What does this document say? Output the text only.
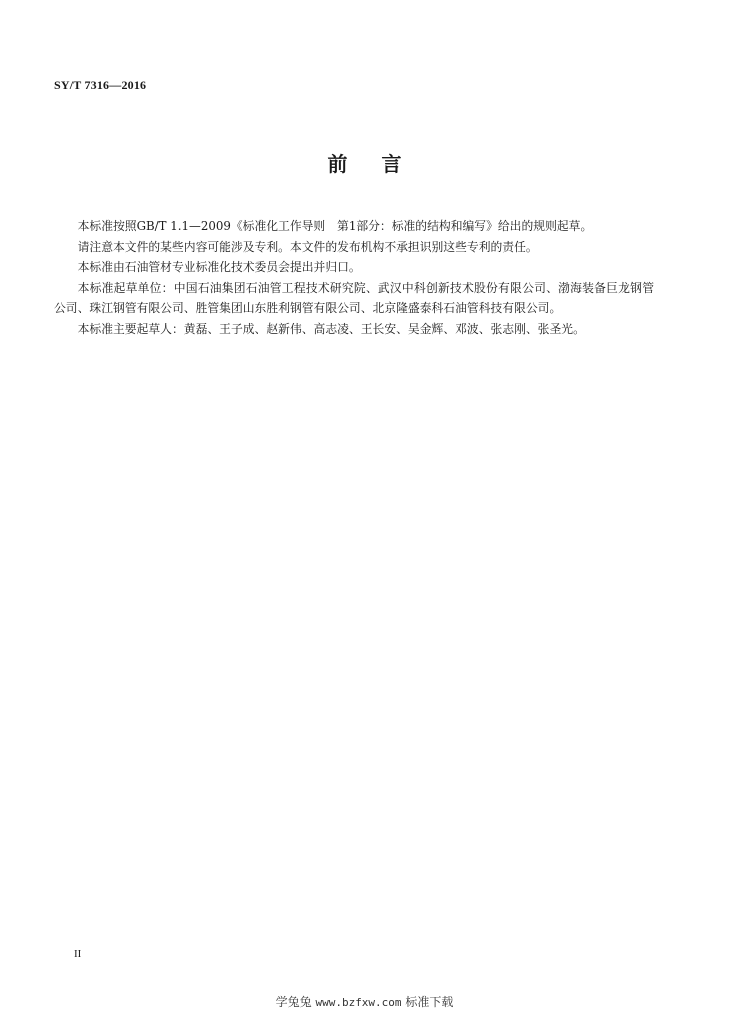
SY/T 7316—2016
前 言

本标准按照GB/T 1.1—2009《标准化工作导则　第1部分：标准的结构和编写》给出的规则起草。

请注意本文件的某些内容可能涉及专利。本文件的发布机构不承担识别这些专利的责任。

本标准由石油管材专业标准化技术委员会提出并归口。

本标准起草单位：中国石油集团石油管工程技术研究院、武汉中科创新技术股份有限公司、渤海装备巨龙钢管公司、珠江钢管有限公司、胜管集团山东胜利钢管有限公司、北京隆盛泰科石油管科技有限公司。

本标准主要起草人：黄磊、王子成、赵新伟、高志凌、王长安、吴金辉、邓波、张志刚、张圣光。

II
学兔兔 www.bzfxw.com 标准下载
